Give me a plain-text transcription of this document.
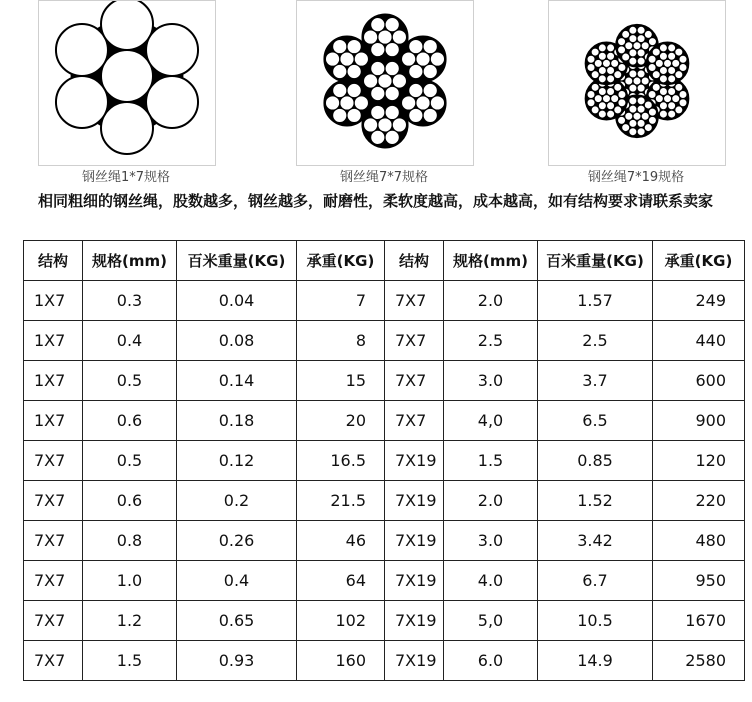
钢丝绳1*7规格	钢丝绳7*7规格	钢丝绳7*19规格
相同粗细的钢丝绳，股数越多，钢丝越多，耐磨性，柔软度越高，成本越高，如有结构要求请联系卖家
结构	规格(mm)	百米重量(KG)	承重(KG)	结构	规格(mm)	百米重量(KG)	承重(KG)
1X7	0.3	0.04	7	7X7	2.0	1.57	249
1X7	0.4	0.08	8	7X7	2.5	2.5	440
1X7	0.5	0.14	15	7X7	3.0	3.7	600
1X7	0.6	0.18	20	7X7	4,0	6.5	900
7X7	0.5	0.12	16.5	7X19	1.5	0.85	120
7X7	0.6	0.2	21.5	7X19	2.0	1.52	220
7X7	0.8	0.26	46	7X19	3.0	3.42	480
7X7	1.0	0.4	64	7X19	4.0	6.7	950
7X7	1.2	0.65	102	7X19	5,0	10.5	1670
7X7	1.5	0.93	160	7X19	6.0	14.9	2580
